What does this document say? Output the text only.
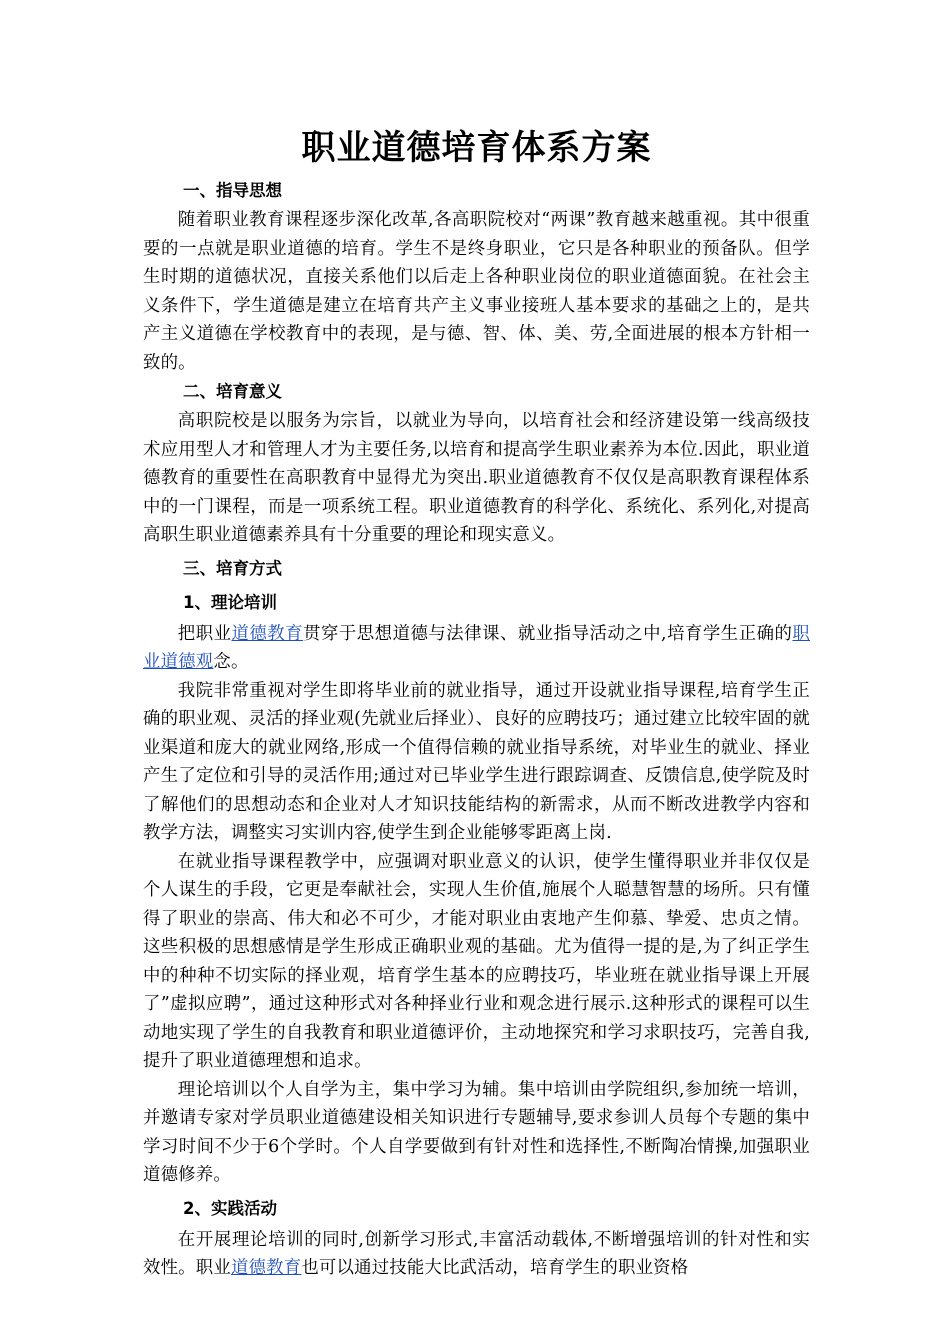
职业道德培育体系方案
一、指导思想

随着职业教育课程逐步深化改革,各高职院校对“两课”教育越来越重视。其中很重要的一点就是职业道德的培育。学生不是终身职业，它只是各种职业的预备队。但学生时期的道德状况，直接关系他们以后走上各种职业岗位的职业道德面貌。在社会主义条件下，学生道德是建立在培育共产主义事业接班人基本要求的基础之上的，是共产主义道德在学校教育中的表现，是与德、智、体、美、劳,全面进展的根本方针相一致的。

二、培育意义

高职院校是以服务为宗旨，以就业为导向，以培育社会和经济建设第一线高级技术应用型人才和管理人才为主要任务,以培育和提高学生职业素养为本位.因此，职业道德教育的重要性在高职教育中显得尤为突出.职业道德教育不仅仅是高职教育课程体系中的一门课程，而是一项系统工程。职业道德教育的科学化、系统化、系列化,对提高高职生职业道德素养具有十分重要的理论和现实意义。

三、培育方式
1、理论培训

把职业道德教育贯穿于思想道德与法律课、就业指导活动之中,培育学生正确的职业道德观念。

我院非常重视对学生即将毕业前的就业指导，通过开设就业指导课程,培育学生正确的职业观、灵活的择业观(先就业后择业）、良好的应聘技巧；通过建立比较牢固的就业渠道和庞大的就业网络,形成一个值得信赖的就业指导系统，对毕业生的就业、择业产生了定位和引导的灵活作用;通过对已毕业学生进行跟踪调查、反馈信息,使学院及时了解他们的思想动态和企业对人才知识技能结构的新需求，从而不断改进教学内容和教学方法，调整实习实训内容,使学生到企业能够零距离上岗.

在就业指导课程教学中，应强调对职业意义的认识，使学生懂得职业并非仅仅是个人谋生的手段，它更是奉献社会，实现人生价值,施展个人聪慧智慧的场所。只有懂得了职业的崇高、伟大和必不可少，才能对职业由衷地产生仰慕、挚爱、忠贞之情。这些积极的思想感情是学生形成正确职业观的基础。尤为值得一提的是,为了纠正学生中的种种不切实际的择业观，培育学生基本的应聘技巧，毕业班在就业指导课上开展了”虚拟应聘”，通过这种形式对各种择业行业和观念进行展示.这种形式的课程可以生动地实现了学生的自我教育和职业道德评价，主动地探究和学习求职技巧，完善自我,提升了职业道德理想和追求。

理论培训以个人自学为主，集中学习为辅。集中培训由学院组织,参加统一培训，并邀请专家对学员职业道德建设相关知识进行专题辅导,要求参训人员每个专题的集中学习时间不少于6个学时。个人自学要做到有针对性和选择性,不断陶冶情操,加强职业道德修养。

2、实践活动

在开展理论培训的同时,创新学习形式,丰富活动载体,不断增强培训的针对性和实效性。职业道德教育也可以通过技能大比武活动，培育学生的职业资格
